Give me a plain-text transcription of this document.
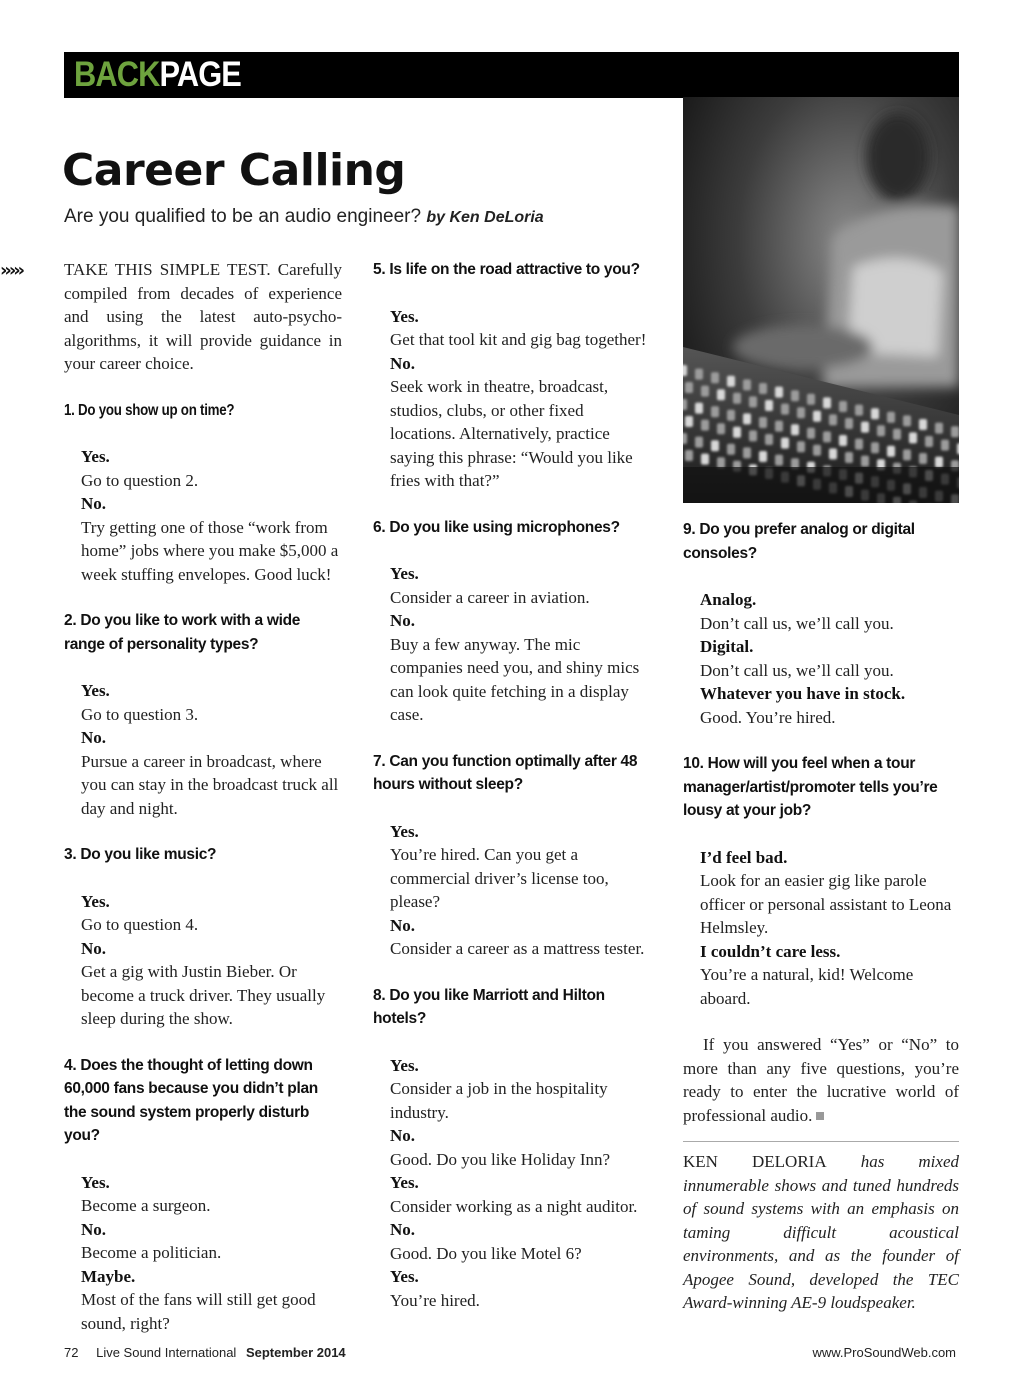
BACKPAGE
Career Calling
Are you qualified to be an audio engineer? by Ken DeLoria
››››› TAKE THIS SIMPLE TEST. Carefully compiled from decades of experience and using the latest auto-psycho-algorithms, it will provide guidance in your career choice.

1. Do you show up on time?
Yes.
Go to question 2.
No.
Try getting one of those “work from home” jobs where you make $5,000 a week stuffing envelopes. Good luck!
2. Do you like to work with a wide range of personality types?
Yes.
Go to question 3.
No.
Pursue a career in broadcast, where you can stay in the broadcast truck all day and night.
3. Do you like music?
Yes.
Go to question 4.
No.
Get a gig with Justin Bieber. Or become a truck driver. They usually sleep during the show.
4. Does the thought of letting down 60,000 fans because you didn’t plan the sound system properly disturb you?
Yes.
Become a surgeon.
No.
Become a politician.
Maybe.
Most of the fans will still get good sound, right?
5. Is life on the road attractive to you?
Yes.
Get that tool kit and gig bag together!
No.
Seek work in theatre, broadcast, studios, clubs, or other fixed locations. Alternatively, practice saying this phrase: “Would you like fries with that?”
6. Do you like using microphones?
Yes.
Consider a career in aviation.
No.
Buy a few anyway. The mic companies need you, and shiny mics can look quite fetching in a display case.
7. Can you function optimally after 48 hours without sleep?
Yes.
You’re hired. Can you get a commercial driver’s license too, please?
No.
Consider a career as a mattress tester.
8. Do you like Marriott and Hilton hotels?
Yes.
Consider a job in the hospitality industry.
No.
Good. Do you like Holiday Inn?
Yes.
Consider working as a night auditor.
No.
Good. Do you like Motel 6?
Yes.
You’re hired.
9. Do you prefer analog or digital consoles?
Analog.
Don’t call us, we’ll call you.
Digital.
Don’t call us, we’ll call you.
Whatever you have in stock.
Good. You’re hired.
10. How will you feel when a tour manager/artist/promoter tells you’re lousy at your job?
I’d feel bad.
Look for an easier gig like parole officer or personal assistant to Leona Helmsley.
I couldn’t care less.
You’re a natural, kid! Welcome aboard.

If you answered “Yes” or “No” to more than any five questions, you’re ready to enter the lucrative world of professional audio.

KEN DELORIA has mixed innumerable shows and tuned hundreds of sound systems with an emphasis on taming difficult acoustical environments, and as the founder of Apogee Sound, developed the TEC Award-winning AE-9 loudspeaker.

72 Live Sound International September 2014	www.ProSoundWeb.com
